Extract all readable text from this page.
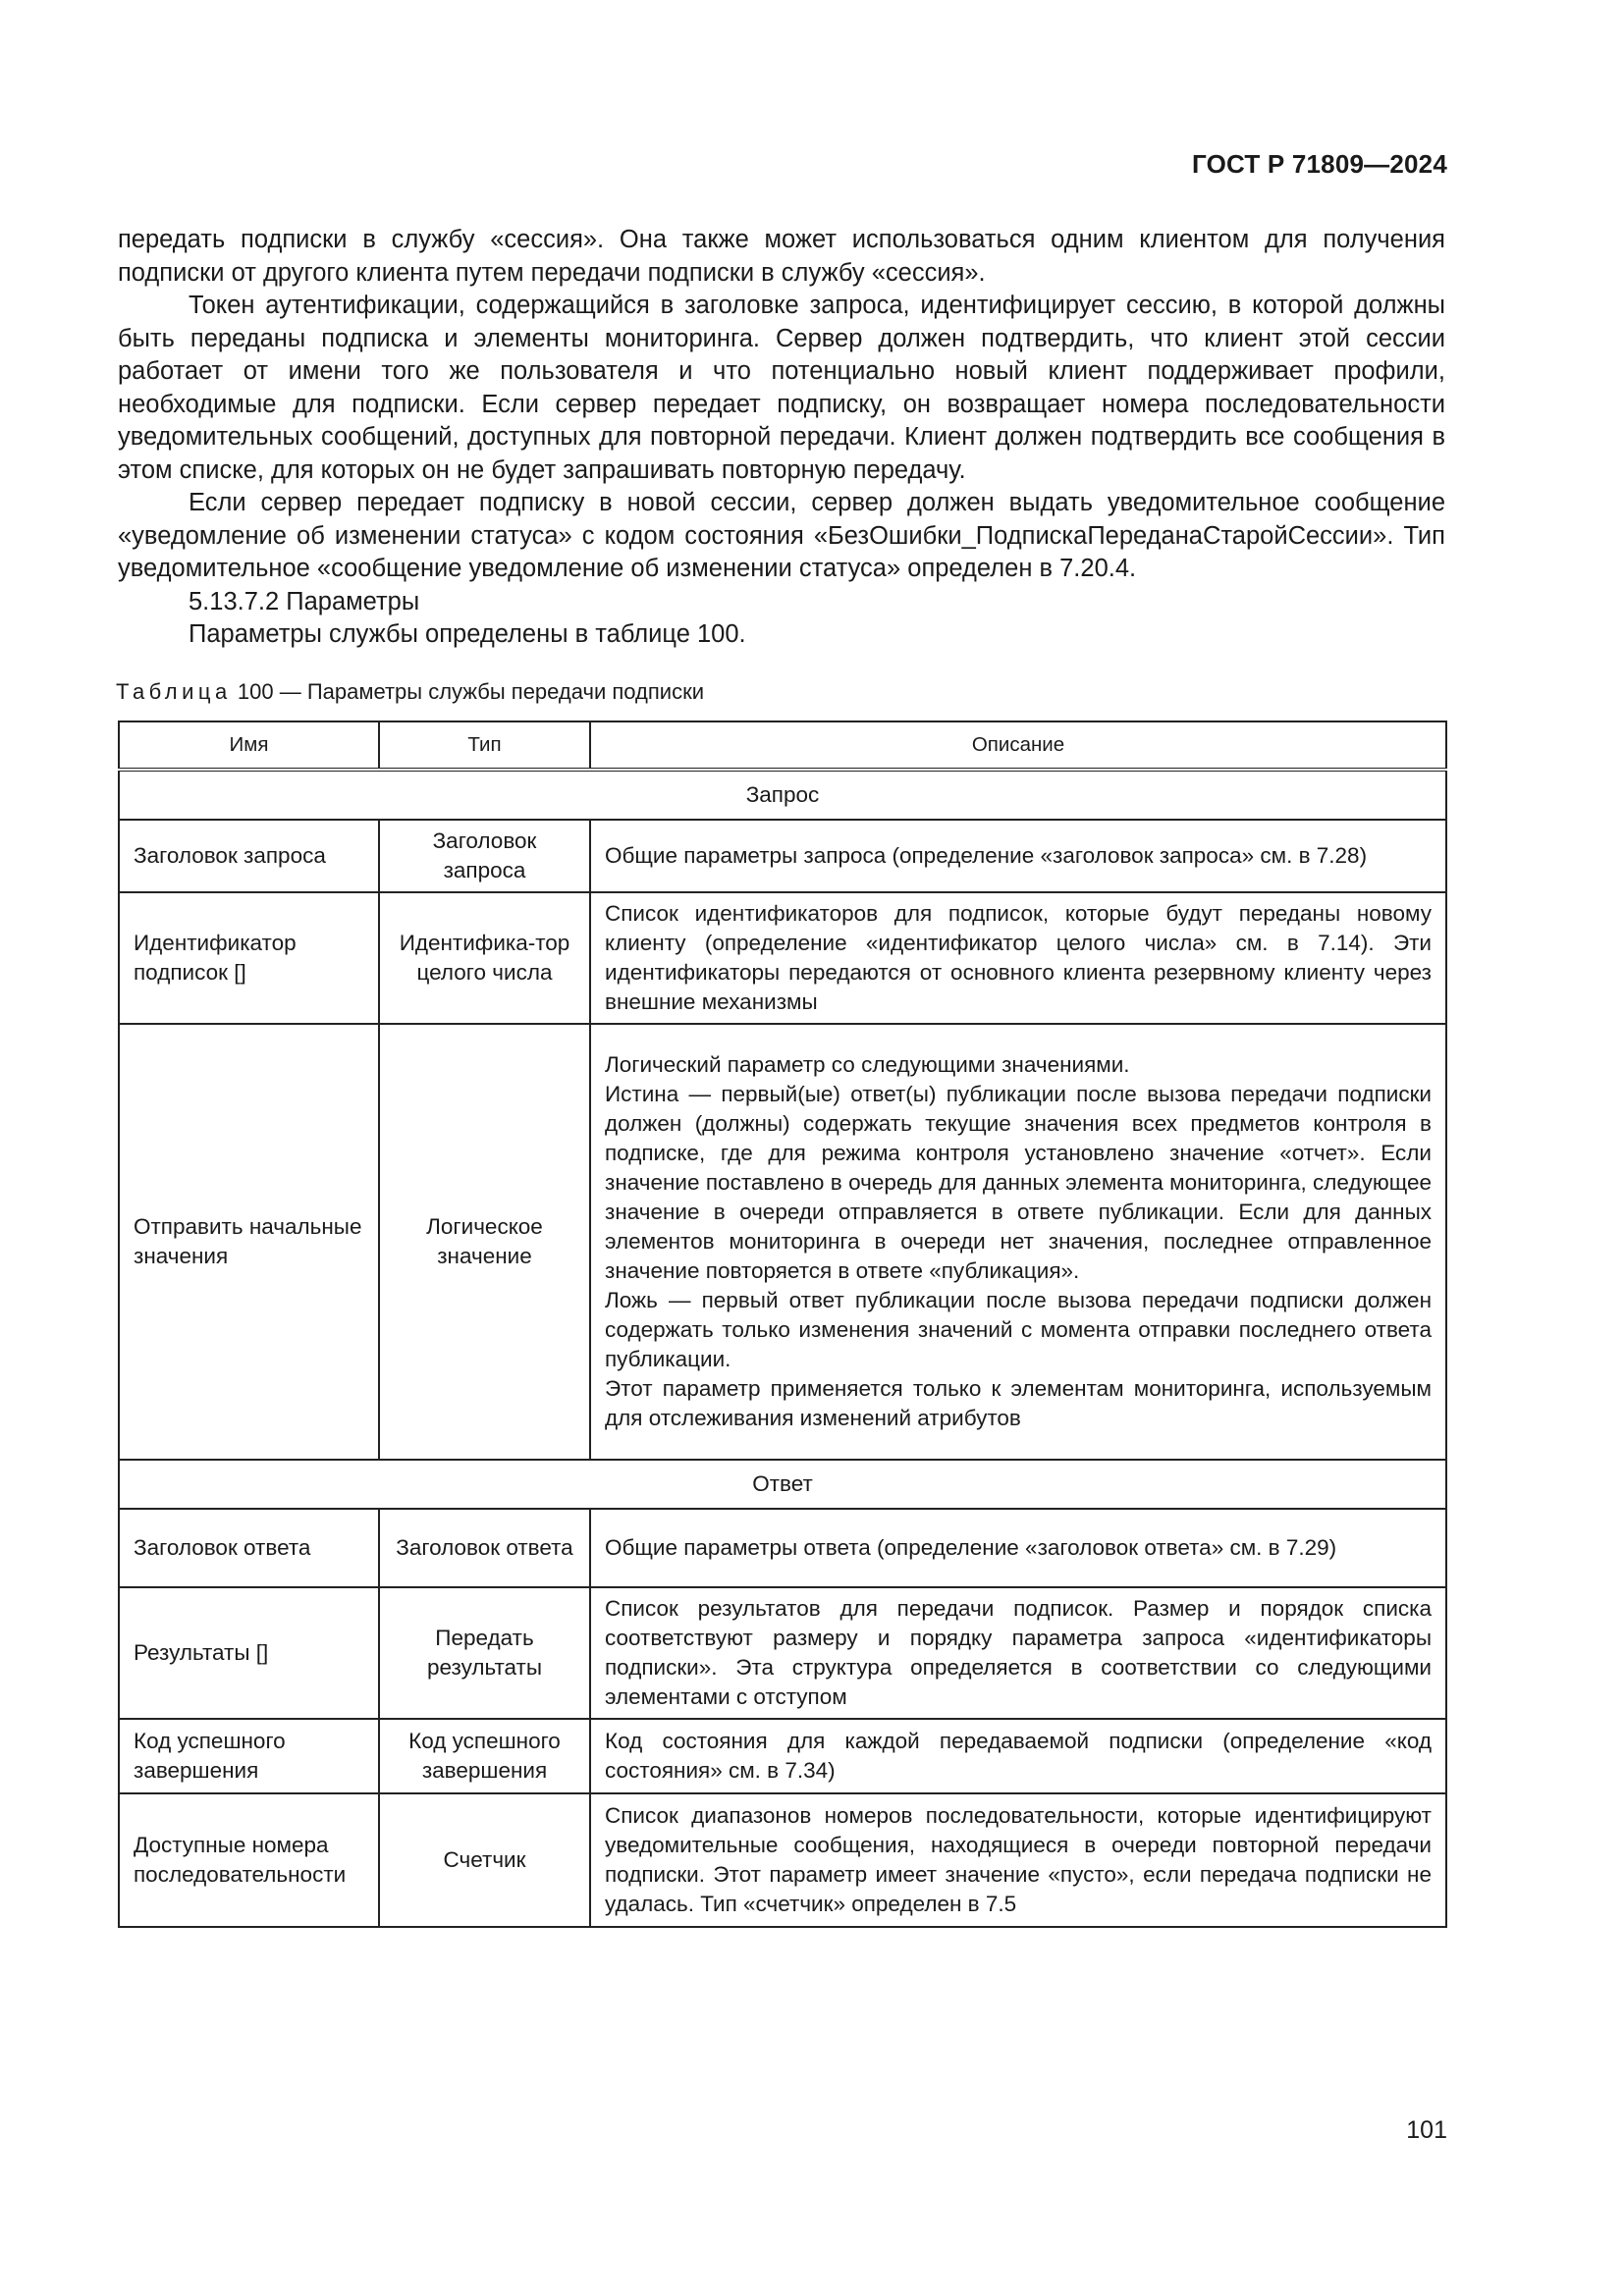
ГОСТ Р 71809—2024

передать подписки в службу «сессия». Она также может использоваться одним клиентом для получения подписки от другого клиента путем передачи подписки в службу «сессия».

Токен аутентификации, содержащийся в заголовке запроса, идентифицирует сессию, в которой должны быть переданы подписка и элементы мониторинга. Сервер должен подтвердить, что клиент этой сессии работает от имени того же пользователя и что потенциально новый клиент поддерживает профили, необходимые для подписки. Если сервер передает подписку, он возвращает номера последовательности уведомительных сообщений, доступных для повторной передачи. Клиент должен подтвердить все сообщения в этом списке, для которых он не будет запрашивать повторную передачу.

Если сервер передает подписку в новой сессии, сервер должен выдать уведомительное сообщение «уведомление об изменении статуса» с кодом состояния «БезОшибки_ПодпискаПереданаСтаройСессии». Тип уведомительное «сообщение уведомление об изменении статуса» определен в 7.20.4.

5.13.7.2 Параметры

Параметры службы определены в таблице 100.

Таблица 100 — Параметры службы передачи подписки
Имя	Тип	Описание
Запрос		
Заголовок запроса	Заголовок запроса	Общие параметры запроса (определение «заголовок запроса» см. в 7.28)

Идентификатор подписок []	Идентифика-тор целого числа	Список идентификаторов для подписок, которые будут переданы новому клиенту (определение «идентификатор целого числа» см. в 7.14). Эти идентификаторы передаются от основного клиента резервному клиенту через внешние механизмы

Отправить начальные значения	Логическое значение	Логический параметр со следующими значениями.
Истина — первый(ые) ответ(ы) публикации после вызова передачи подписки должен (должны) содержать текущие значения всех предметов контроля в подписке, где для режима контроля установлено значение «отчет». Если значение поставлено в очередь для данных элемента мониторинга, следующее значение в очереди отправляется в ответе публикации. Если для данных элементов мониторинга в очереди нет значения, последнее отправленное значение повторяется в ответе «публикация».
Ложь — первый ответ публикации после вызова передачи подписки должен содержать только изменения значений с момента отправки последнего ответа публикации.
Этот параметр применяется только к элементам мониторинга, используемым для отслеживания изменений атрибутов

Ответ		
Заголовок ответа	Заголовок ответа	Общие параметры ответа (определение «заголовок ответа» см. в 7.29)

Результаты []	Передать результаты	Список результатов для передачи подписок. Размер и порядок списка соответствуют размеру и порядку параметра запроса «идентификаторы подписки». Эта структура определяется в соответствии со следующими элементами с отступом

Код успешного завершения	Код успешного завершения	Код состояния для каждой передаваемой подписки (определение «код состояния» см. в 7.34)

Доступные номера последовательности	Счетчик	Список диапазонов номеров последовательности, которые идентифицируют уведомительные сообщения, находящиеся в очереди повторной передачи подписки. Этот параметр имеет значение «пусто», если передача подписки не удалась. Тип «счетчик» определен в 7.5
101
